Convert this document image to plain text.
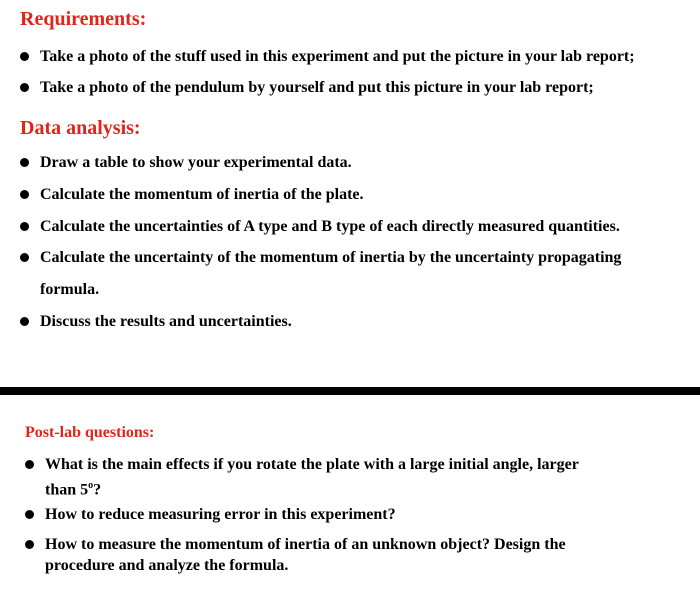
Requirements:
Take a photo of the stuff used in this experiment and put the picture in your lab report;
Take a photo of the pendulum by yourself and put this picture in your lab report;
Data analysis:
Draw a table to show your experimental data.
Calculate the momentum of inertia of the plate.
Calculate the uncertainties of A type and B type of each directly measured quantities.
Calculate the uncertainty of the momentum of inertia by the uncertainty propagating
formula.
Discuss the results and uncertainties.
Post-lab questions:
What is the main effects if you rotate the plate with a large initial angle, larger
than 5$^o$?
How to reduce measuring error in this experiment?
How to measure the momentum of inertia of an unknown object? Design the
procedure and analyze the formula.
